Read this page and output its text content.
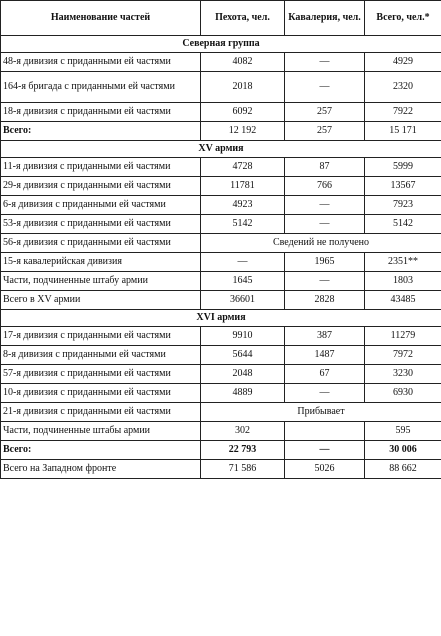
Наименование частей	Пехота, чел.	Кавалерия, чел.	Всего, чел.*
Северная группа			
48-я дивизия с приданными ей частями	4082	—	4929
164-я бригада с приданными ей частями	2018	—	2320
18-я дивизия с приданными ей частями	6092	257	7922
Всего:	12 192	257	15 171
XV армия			
11-я дивизия с приданными ей частями	4728	87	5999
29-я дивизия с приданными ей частями	11781	766	13567
6-я дивизия с приданными ей частями	4923	—	7923
53-я дивизия с приданными ей частями	5142	—	5142
56-я дивизия с приданными ей частями	Сведений не получено		
15-я кавалерийская дивизия	—	1965	2351**
Части, подчиненные штабу армии	1645	—	1803
Всего в XV армии	36601	2828	43485
XVI армия			
17-я дивизия с приданными ей частями	9910	387	11279
8-я дивизия с приданными ей частями	5644	1487	7972
57-я дивизия с приданными ей частями	2048	67	3230
10-я дивизия с приданными ей частями	4889	—	6930
21-я дивизия с приданными ей частями	Прибывает		
Части, подчиненные штабы армии	302		595
Всего:	22 793	—	30 006
Всего на Западном фронте	71 586	5026	88 662
